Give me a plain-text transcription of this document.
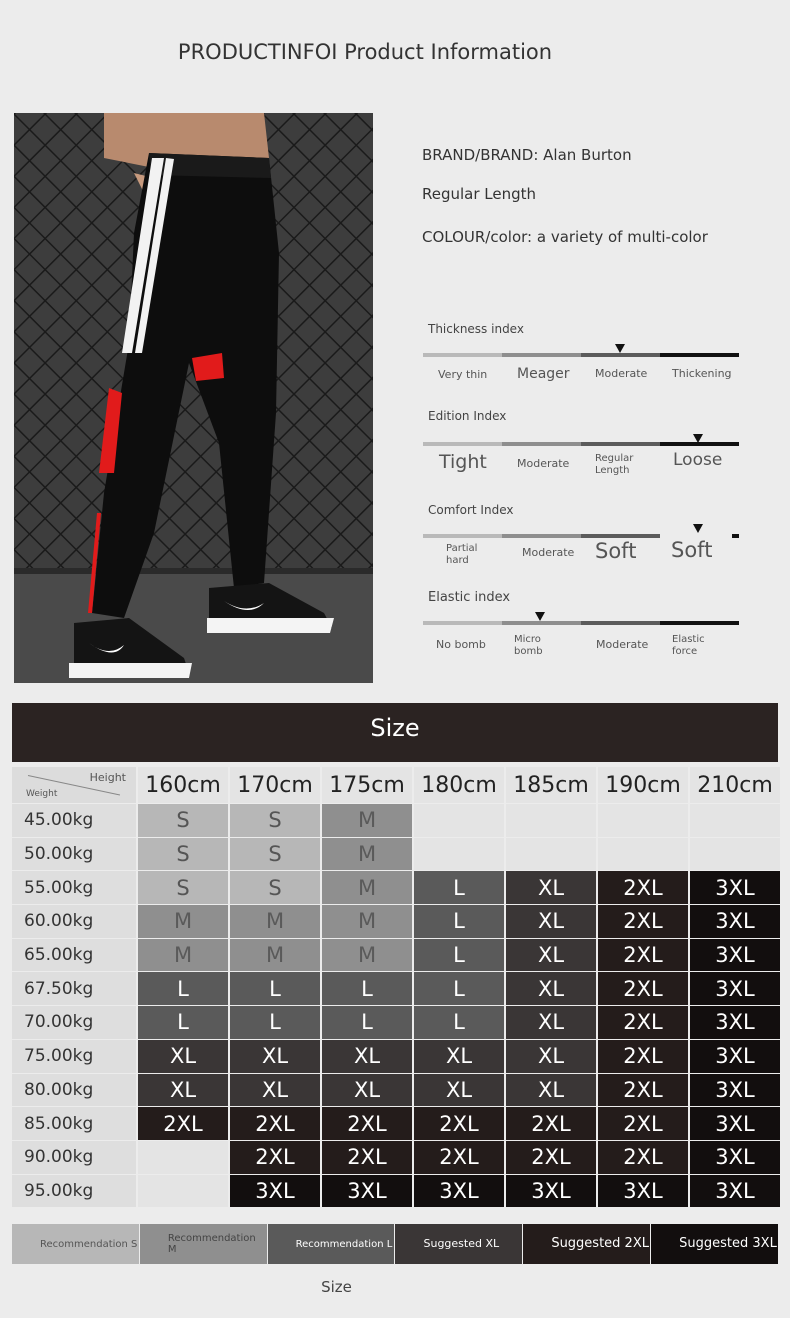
PRODUCTINFOI Product Information
BRAND/BRAND: Alan Burton
Regular Length
COLOUR/color: a variety of multi-color
Thickness index
Very thin Meager Moderate Thickening
Edition Index
Tight	Moderate	Regular Length	Loose
Comfort Index
Partial hard
Moderate Soft Soft
Elastic index
No bomb	Micro bomb	Moderate Elastic force
Size
Height
Weight	160cm	170cm	175cm	180cm	185cm	190cm	210cm
45.00kg	S	S	M				
50.00kg	S	S	M				
55.00kg	S	S	M	L	XL	2XL	3XL
60.00kg	M	M	M	L	XL	2XL	3XL
65.00kg	M	M	M	L	XL	2XL	3XL
67.50kg	L	L	L	L	XL	2XL	3XL
70.00kg	L	L	L	L	XL	2XL	3XL
75.00kg	XL	XL	XL	XL	XL	2XL	3XL
80.00kg	XL	XL	XL	XL	XL	2XL	3XL
85.00kg	2XL	2XL	2XL	2XL	2XL	2XL	3XL
90.00kg		2XL	2XL	2XL	2XL	2XL	3XL
95.00kg		3XL	3XL	3XL	3XL	3XL	3XL
Recommendation S	Recommendation M	Recommendation L	Suggested XL	Suggested 2XL	Suggested 3XL
Size
